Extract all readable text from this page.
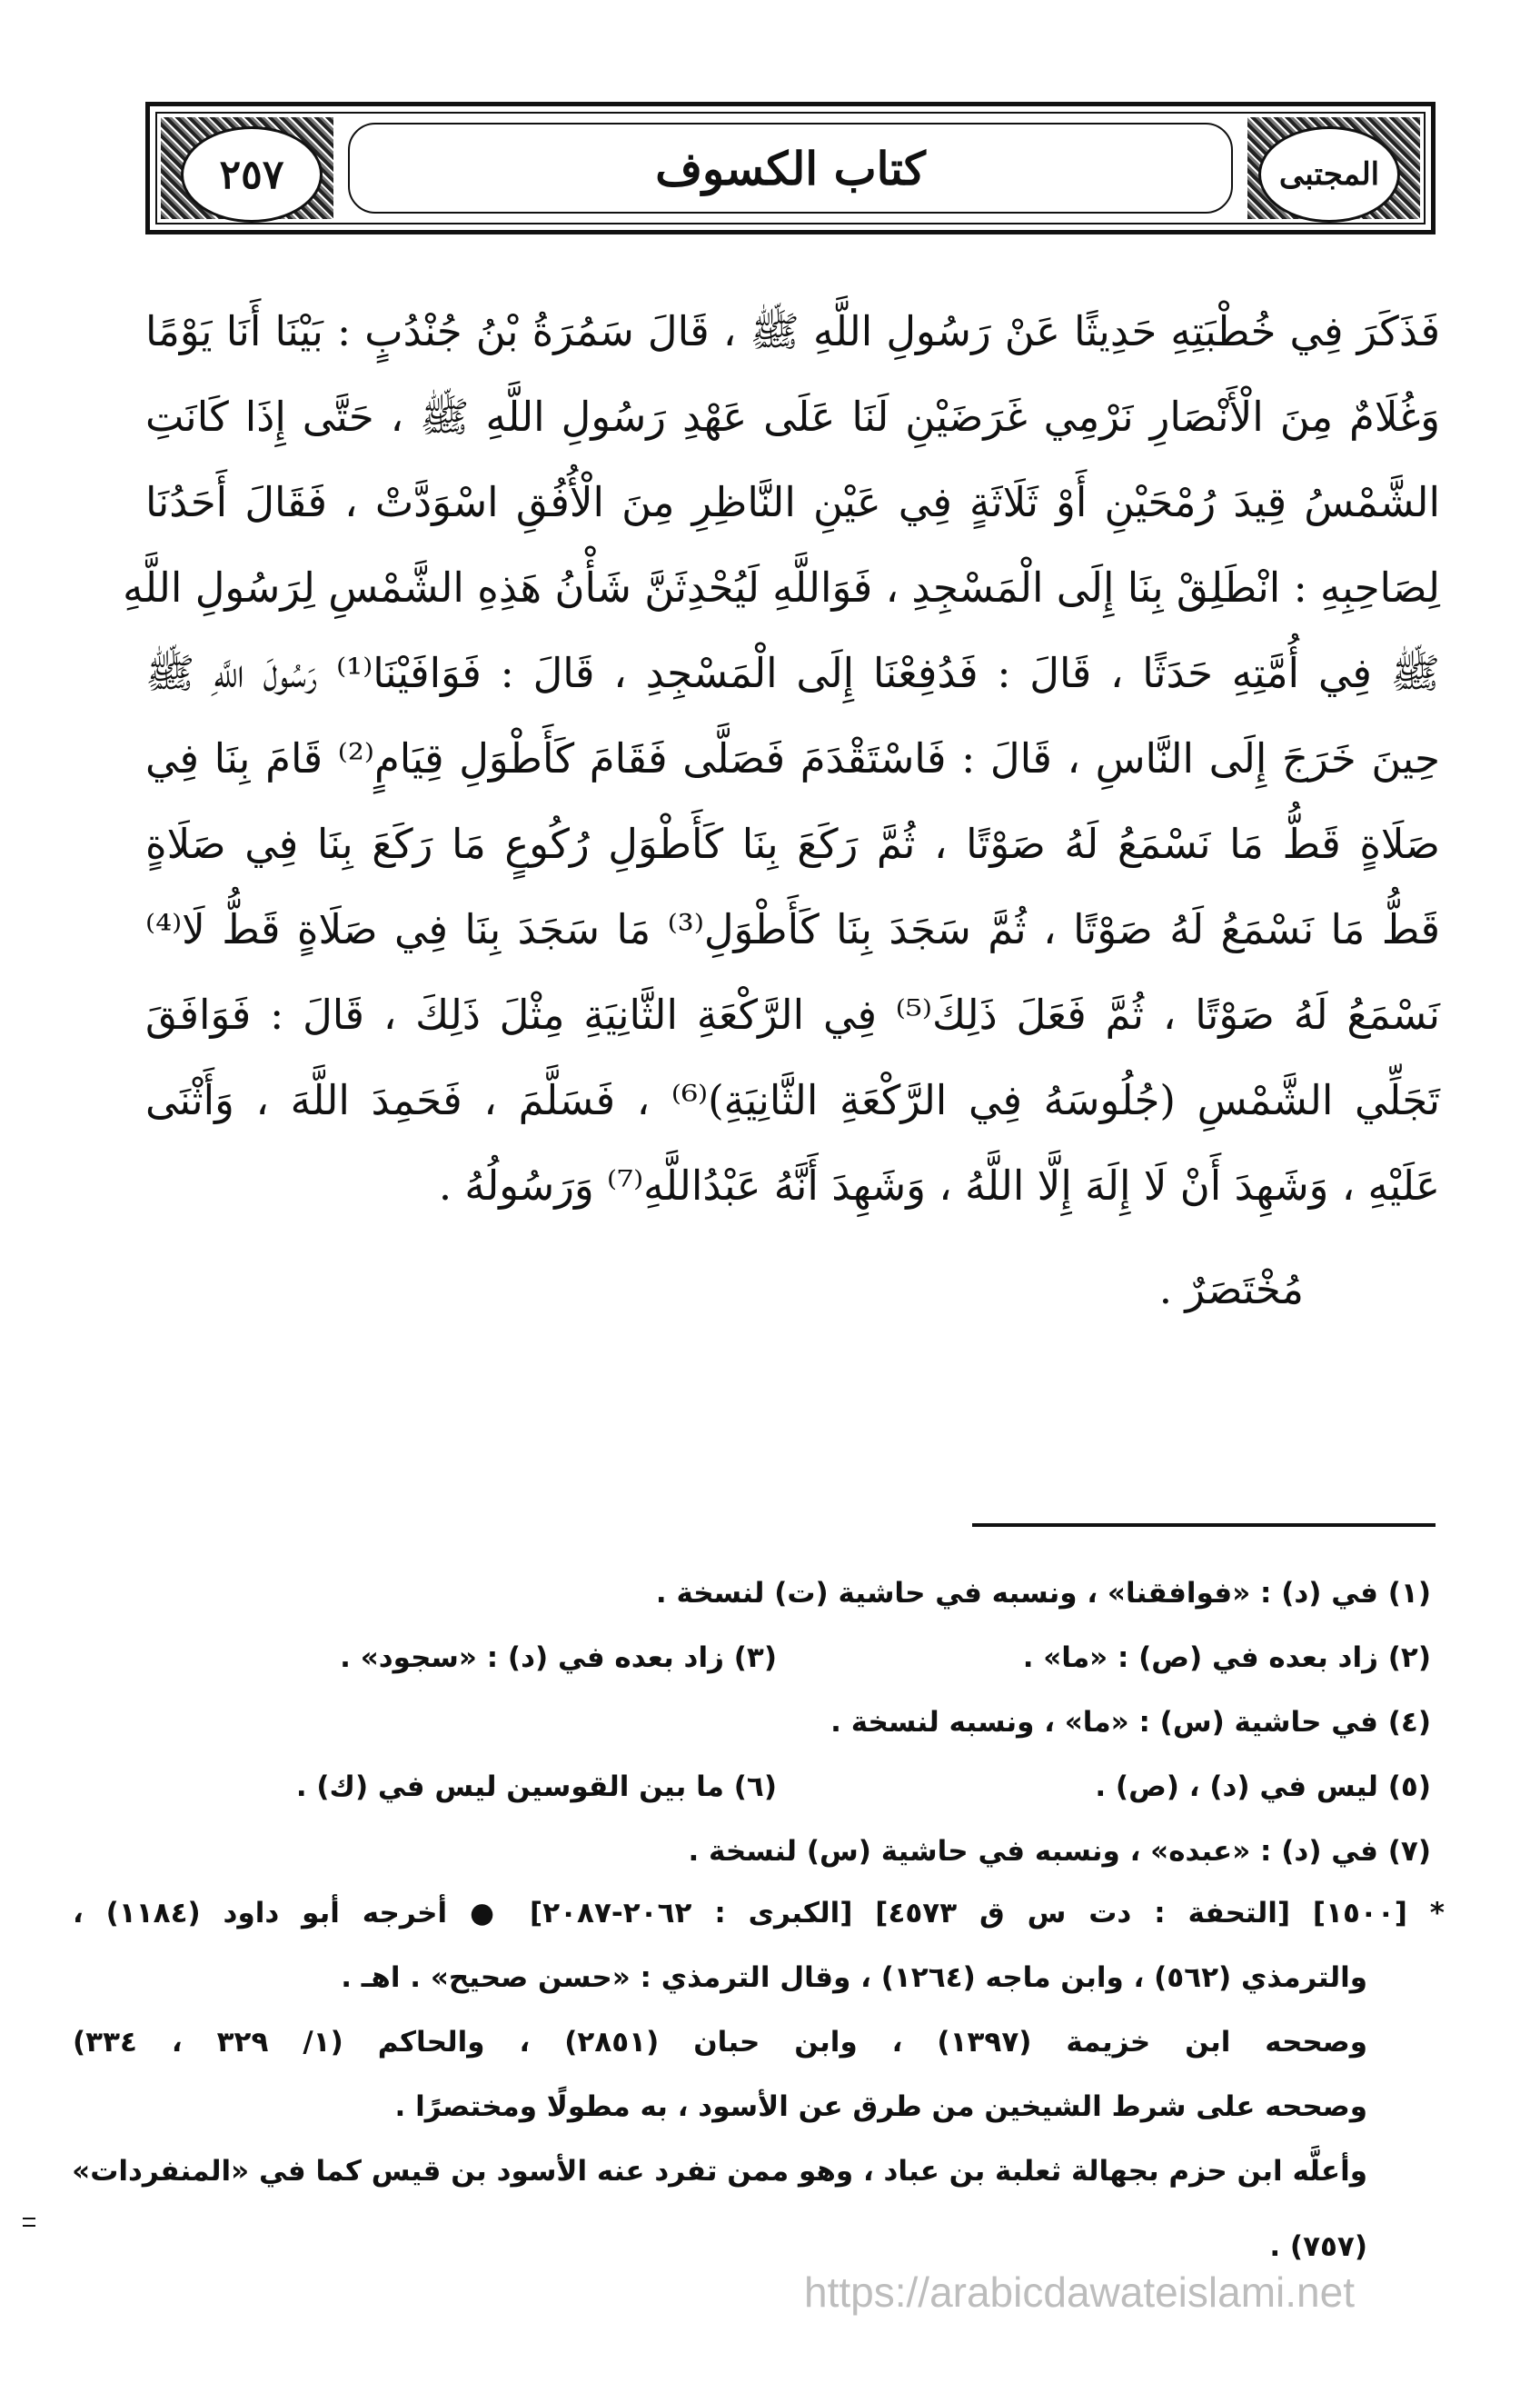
٢٥٧	المجتبى
كتاب الكسوف
فَذَكَرَ فِي خُطْبَتِهِ حَدِيثًا عَنْ رَسُولِ اللَّهِ ﷺ ، قَالَ سَمُرَةُ بْنُ جُنْدُبٍ : بَيْنَا أَنَا يَوْمًا
وَغُلَامٌ مِنَ الْأَنْصَارِ نَرْمِي غَرَضَيْنِ لَنَا عَلَى عَهْدِ رَسُولِ اللَّهِ ﷺ ، حَتَّى إِذَا كَانَتِ
الشَّمْسُ قِيدَ رُمْحَيْنِ أَوْ ثَلَاثَةٍ فِي عَيْنِ النَّاظِرِ مِنَ الْأُفُقِ اسْوَدَّتْ ، فَقَالَ أَحَدُنَا
لِصَاحِبِهِ : انْطَلِقْ بِنَا إِلَى الْمَسْجِدِ ، فَوَاللَّهِ لَيُحْدِثَنَّ شَأْنُ هَذِهِ الشَّمْسِ لِرَسُولِ اللَّهِ
ﷺ فِي أُمَّتِهِ حَدَثًا ، قَالَ : فَدُفِعْنَا إِلَى الْمَسْجِدِ ، قَالَ : فَوَافَيْنَا⁽¹⁾ رَسُولَ اللَّهِ ﷺ
حِينَ خَرَجَ إِلَى النَّاسِ ، قَالَ : فَاسْتَقْدَمَ فَصَلَّى فَقَامَ كَأَطْوَلِ قِيَامٍ⁽²⁾ قَامَ بِنَا فِي
صَلَاةٍ قَطُّ مَا نَسْمَعُ لَهُ صَوْتًا ، ثُمَّ رَكَعَ بِنَا كَأَطْوَلِ رُكُوعٍ مَا رَكَعَ بِنَا فِي صَلَاةٍ
قَطُّ مَا نَسْمَعُ لَهُ صَوْتًا ، ثُمَّ سَجَدَ بِنَا كَأَطْوَلِ⁽³⁾ مَا سَجَدَ بِنَا فِي صَلَاةٍ قَطُّ لَا⁽⁴⁾
نَسْمَعُ لَهُ صَوْتًا ، ثُمَّ فَعَلَ ذَلِكَ⁽⁵⁾ فِي الرَّكْعَةِ الثَّانِيَةِ مِثْلَ ذَلِكَ ، قَالَ : فَوَافَقَ
تَجَلِّي الشَّمْسِ (جُلُوسَهُ فِي الرَّكْعَةِ الثَّانِيَةِ)⁽⁶⁾ ، فَسَلَّمَ ، فَحَمِدَ اللَّهَ ، وَأَثْنَى
عَلَيْهِ ، وَشَهِدَ أَنْ لَا إِلَهَ إِلَّا اللَّهُ ، وَشَهِدَ أَنَّهُ عَبْدُاللَّهِ⁽⁷⁾ وَرَسُولُهُ .
مُخْتَصَرٌ .
(١) في (د) : «فوافقنا» ، ونسبه في حاشية (ت) لنسخة .
(٢) زاد بعده في (ص) : «ما» .
(٣) زاد بعده في (د) : «سجود» .
(٤) في حاشية (س) : «ما» ، ونسبه لنسخة .
(٥) ليس في (د) ، (ص) .
(٦) ما بين القوسين ليس في (ك) .
(٧) في (د) : «عبده» ، ونسبه في حاشية (س) لنسخة .
* [١٥٠٠] [التحفة : دت س ق ٤٥٧٣] [الكبرى : ٢٠٦٢-٢٠٨٧] ● أخرجه أبو داود (١١٨٤) ،
والترمذي (٥٦٢) ، وابن ماجه (١٢٦٤) ، وقال الترمذي : «حسن صحيح» . اهـ .
وصححه ابن خزيمة (١٣٩٧) ، وابن حبان (٢٨٥١) ، والحاكم (١/ ٣٢٩ ، ٣٣٤)
وصححه على شرط الشيخين من طرق عن الأسود ، به مطولًا ومختصرًا .
وأعلَّه ابن حزم بجهالة ثعلبة بن عباد ، وهو ممن تفرد عنه الأسود بن قيس كما في «المنفردات»
(٧٥٧) .
https://arabicdawateislami.net
